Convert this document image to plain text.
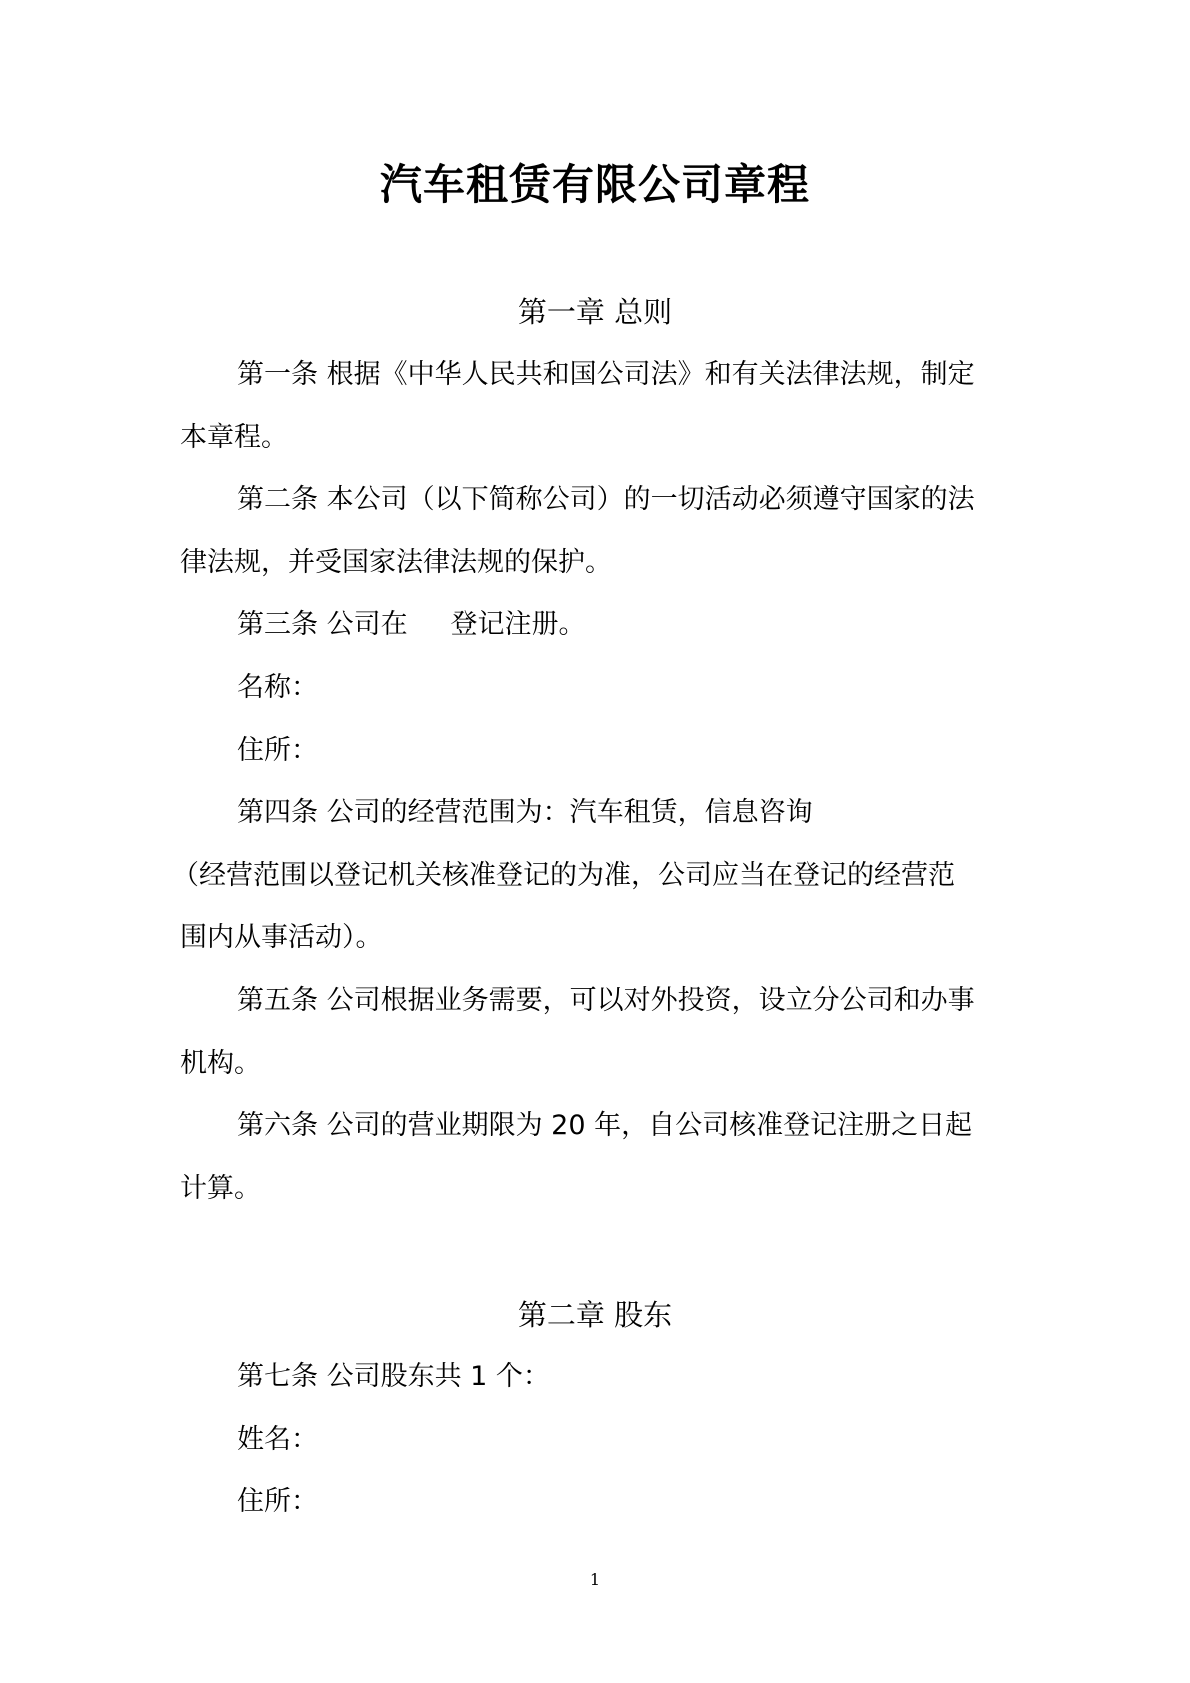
汽车租赁有限公司章程
第一章 总则
第一条 根据《中华人民共和国公司法》和有关法律法规，制定
本章程。
第二条 本公司（以下简称公司）的一切活动必须遵守国家的法
律法规，并受国家法律法规的保护。
第三条 公司在     登记注册。
名称：
住所：
第四条 公司的经营范围为：汽车租赁，信息咨询
（经营范围以登记机关核准登记的为准，公司应当在登记的经营范
围内从事活动）。
第五条 公司根据业务需要，可以对外投资，设立分公司和办事
机构。
第六条 公司的营业期限为 20 年，自公司核准登记注册之日起
计算。
第二章 股东
第七条 公司股东共 1 个：
姓名：
住所：
1
